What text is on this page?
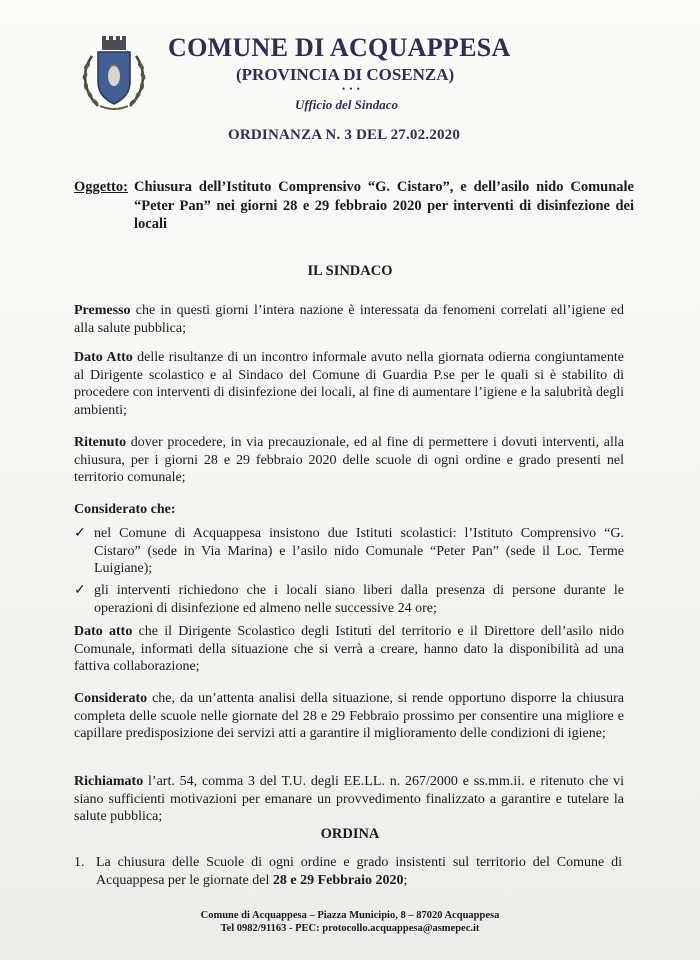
COMUNE DI ACQUAPPESA
(PROVINCIA DI COSENZA)
• • •
Ufficio del Sindaco
ORDINANZA N. 3 DEL 27.02.2020
Oggetto: Chiusura dell’Istituto Comprensivo “G. Cistaro”, e dell’asilo nido Comunale “Peter Pan” nei giorni 28 e 29 febbraio 2020 per interventi di disinfezione dei locali
IL SINDACO
Premesso che in questi giorni l’intera nazione è interessata da fenomeni correlati all’igiene ed alla salute pubblica;
Dato Atto delle risultanze di un incontro informale avuto nella giornata odierna congiuntamente al Dirigente scolastico e al Sindaco del Comune di Guardia P.se per le quali si è stabilito di procedere con interventi di disinfezione dei locali, al fine di aumentare l’igiene e la salubrità degli ambienti;
Ritenuto dover procedere, in via precauzionale, ed al fine di permettere i dovuti interventi, alla chiusura, per i giorni 28 e 29 febbraio 2020 delle scuole di ogni ordine e grado presenti nel territorio comunale;
Considerato che:
✓ nel Comune di Acquappesa insistono due Istituti scolastici: l’Istituto Comprensivo “G. Cistaro” (sede in Via Marina) e l’asilo nido Comunale “Peter Pan” (sede il Loc. Terme Luigiane);
✓ gli interventi richiedono che i locali siano liberi dalla presenza di persone durante le operazioni di disinfezione ed almeno nelle successive 24 ore;
Dato atto che il Dirigente Scolastico degli Istituti del territorio e il Direttore dell’asilo nido Comunale, informati della situazione che si verrà a creare, hanno dato la disponibilità ad una fattiva collaborazione;
Considerato che, da un’attenta analisi della situazione, si rende opportuno disporre la chiusura completa delle scuole nelle giornate del 28 e 29 Febbraio prossimo per consentire una migliore e capillare predisposizione dei servizi atti a garantire il miglioramento delle condizioni di igiene;
Richiamato l’art. 54, comma 3 del T.U. degli EE.LL. n. 267/2000 e ss.mm.ii. e ritenuto che vi siano sufficienti motivazioni per emanare un provvedimento finalizzato a garantire e tutelare la salute pubblica;
ORDINA
1. La chiusura delle Scuole di ogni ordine e grado insistenti sul territorio del Comune di Acquappesa per le giornate del 28 e 29 Febbraio 2020;
Comune di Acquappesa – Piazza Municipio, 8 – 87020 Acquappesa
Tel 0982/91163 - PEC: protocollo.acquappesa@asmepec.it
